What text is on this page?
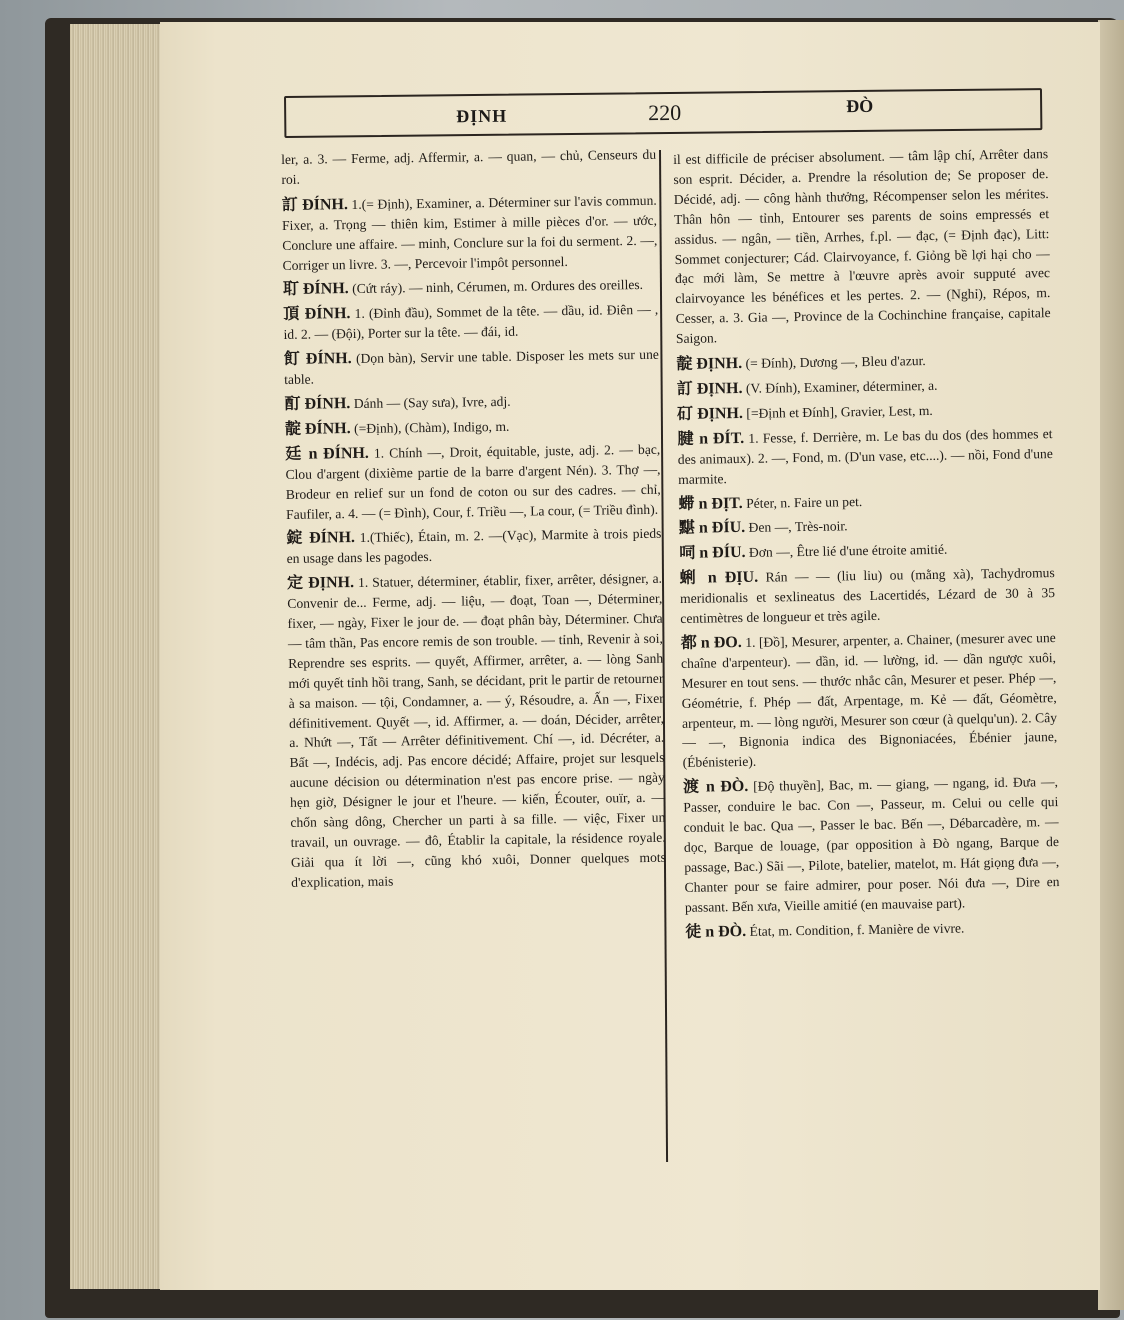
ĐỊNH	220	ĐÒ

ler, a. 3. — Ferme, adj. Affermir, a. — quan, — chủ, Censeurs du roi.

訂 ĐÍNH. 1.(= Định), Examiner, a. Déterminer sur l'avis commun. Fixer, a. Trọng — thiên kim, Estimer à mille pièces d'or. — ước, Conclure une affaire. — minh, Conclure sur la foi du serment. 2. —, Corriger un livre. 3. —, Percevoir l'impôt personnel.

耵 ĐÍNH. (Cứt ráy). — ninh, Cérumen, m. Ordures des oreilles.

頂 ĐÍNH. 1. (Đỉnh đầu), Sommet de la tête. — dầu, id. Điên — , id. 2. — (Đội), Porter sur la tête. — đái, id.

飣 ĐÍNH. (Dọn bàn), Servir une table. Disposer les mets sur une table.

酊 ĐÍNH. Dánh — (Say sưa), Ivre, adj.

靛 ĐÍNH. (=Định), (Chàm), Indigo, m.

廷 n ĐÍNH. 1. Chính —, Droit, équitable, juste, adj. 2. — bạc, Clou d'argent (dixième partie de la barre d'argent Nén). 3. Thợ —, Brodeur en relief sur un fond de coton ou sur des cadres. — chỉ, Faufiler, a. 4. — (= Đình), Cour, f. Triều —, La cour, (= Triều đình).

錠 ĐÍNH. 1.(Thiếc), Étain, m. 2. —(Vạc), Marmite à trois pieds en usage dans les pagodes.

定 ĐỊNH. 1. Statuer, déterminer, établir, fixer, arrêter, désigner, a. Convenir de... Ferme, adj. — liệu, — đoạt, Toan —, Déterminer, fixer, — ngày, Fixer le jour de. — đoạt phân bày, Déterminer. Chưa — tâm thần, Pas encore remis de son trouble. — tỉnh, Revenir à soi, Reprendre ses esprits. — quyết, Affirmer, arrêter, a. — lòng Sanh mới quyết tỉnh hồi trang, Sanh, se décidant, prit le partir de retourner à sa maison. — tội, Condamner, a. — ý, Résoudre, a. Ấn —, Fixer définitivement. Quyết —, id. Affirmer, a. — doán, Décider, arrêter, a. Nhứt —, Tất — Arrêter définitivement. Chí —, id. Décréter, a. Bất —, Indécis, adj. Pas encore décidé; Affaire, projet sur lesquels aucune décision ou détermination n'est pas encore prise. — ngày hẹn giờ, Désigner le jour et l'heure. — kiến, Écouter, ouïr, a. — chốn sàng dông, Chercher un parti à sa fille. — việc, Fixer un travail, un ouvrage. — đô, Établir la capitale, la résidence royale. Giải qua ít lời —, cũng khó xuôi, Donner quelques mots d'explication, mais

il est difficile de préciser absolument. — tâm lập chí, Arrêter dans son esprit. Décider, a. Prendre la résolution de; Se proposer de. Décidé, adj. — công hành thưởng, Récompenser selon les mérites. Thân hôn — tỉnh, Entourer ses parents de soins empressés et assidus. — ngân, — tiền, Arrhes, f.pl. — đạc, (= Định đạc), Litt: Sommet conjecturer; Cád. Clairvoyance, f. Giỏng bề lợi hại cho — đạc mới làm, Se mettre à l'œuvre après avoir supputé avec clairvoyance les bénéfices et les pertes. 2. — (Nghỉ), Répos, m. Cesser, a. 3. Gia —, Province de la Cochinchine française, capitale Saigon.

靛 ĐỊNH. (= Đính), Dương —, Bleu d'azur.

訂 ĐỊNH. (V. Đính), Examiner, déterminer, a.

矴 ĐỊNH. [=Định et Đính], Gravier, Lest, m.

腱 n ĐÍT. 1. Fesse, f. Derrière, m. Le bas du dos (des hommes et des animaux). 2. —, Fond, m. (D'un vase, etc....). — nồi, Fond d'une marmite.

䗖 n ĐỊT. Péter, n. Faire un pet.

黮 n ĐÍU. Đen —, Très-noir.

呞 n ĐÍU. Đơn —, Être lié d'une étroite amitié.

蜊 n ĐỊU. Rán — — (liu liu) ou (mằng xà), Tachydromus meridionalis et sexlineatus des Lacertidés, Lézard de 30 à 35 centimètres de longueur et très agile.

都 n ĐO. 1. [Đồ], Mesurer, arpenter, a. Chainer, (mesurer avec une chaîne d'arpenteur). — dần, id. — lường, id. — dần ngược xuôi, Mesurer en tout sens. — thước nhắc cân, Mesurer et peser. Phép —, Géométrie, f. Phép — đất, Arpentage, m. Kẻ — đất, Géomètre, arpenteur, m. — lòng người, Mesurer son cœur (à quelqu'un). 2. Cây — —, Bignonia indica des Bignoniacées, Ébénier jaune, (Ébénisterie).

渡 n ĐÒ. [Độ thuyền], Bac, m. — giang, — ngang, id. Đưa —, Passer, conduire le bac. Con —, Passeur, m. Celui ou celle qui conduit le bac. Qua —, Passer le bac. Bến —, Débarcadère, m. — dọc, Barque de louage, (par opposition à Đò ngang, Barque de passage, Bac.) Sãi —, Pilote, batelier, matelot, m. Hát giọng đưa —, Chanter pour se faire admirer, pour poser. Nói đưa —, Dire en passant. Bến xưa, Vieille amitié (en mauvaise part).

徒 n ĐÒ. État, m. Condition, f. Manière de vivre.
